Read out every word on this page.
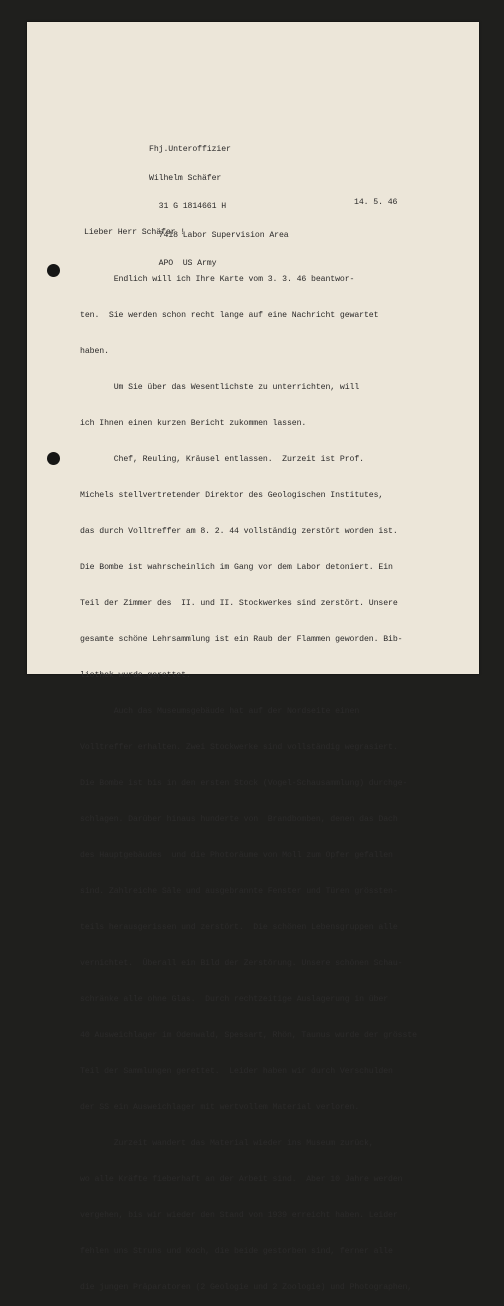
Fhj.Unteroffizier

Wilhelm Schäfer

31 G 1814661 H

7418 Labor Supervision Area

APO  US Army

14. 5. 46
Lieber Herr Schäfer !

Endlich will ich Ihre Karte vom 3. 3. 46 beantwor-

ten.  Sie werden schon recht lange auf eine Nachricht gewartet

haben.

Um Sie über das Wesentlichste zu unterrichten, will

ich Ihnen einen kurzen Bericht zukommen lassen.

Chef, Reuling, Kräusel entlassen.  Zurzeit ist Prof.

Michels stellvertretender Direktor des Geologischen Institutes,

das durch Volltreffer am 8. 2. 44 vollständig zerstört worden ist.

Die Bombe ist wahrscheinlich im Gang vor dem Labor detoniert. Ein

Teil der Zimmer des  II. und II. Stockwerkes sind zerstört. Unsere

gesamte schöne Lehrsammlung ist ein Raub der Flammen geworden. Bib-

liothek wurde gerettet.

Auch das Museumsgebäude hat auf der Nordseite einen

Volltreffer erhalten. Zwei Stockwerke sind vollständig wegrasiert.

Die Bombe ist bis in den ersten Stock (Vogel-Schausammlung) durchge-

schlagen. Darüber hinaus hunderte von  Brandbomben, denen das Dach

des Hauptgebäudes  und die Photoräume von Moll zum Opfer gefallen

sind. Zahlreiche Säle und ausgebrannte Fenster und Türen grössten-

teils herausgerissen und zerstört.  Die schönen Lebensgruppen alle

vernichtet.  Überall ein Bild der Zerstörung. Unsere schönen Schau-

schränke alle ohne Glas.  Durch rechtzeitige Auslagerung in über

40 Ausweichlager im Odenwald, Spessart, Rhön, Taunus wurde der grösste

Teil der Sammlungen gerettet.  Leider haben wir durch Verschulden

der SS ein Ausweichlager mit wertvollem Material verloren.

Zurzeit wandert das Material wieder ins Museum zurück,

wo alle Kräfte fieberhaft an der Arbeit sind.  Aber 10 Jahre werden

vergehen, bis wir wieder den Stand von 1939 erreicht haben. Leider

fehlen uns Struns und Koch, die beide gestorben sind, ferner alle

die jungen Präparatoren (2 Geologie und 2 Zoologie) und Photographen,
